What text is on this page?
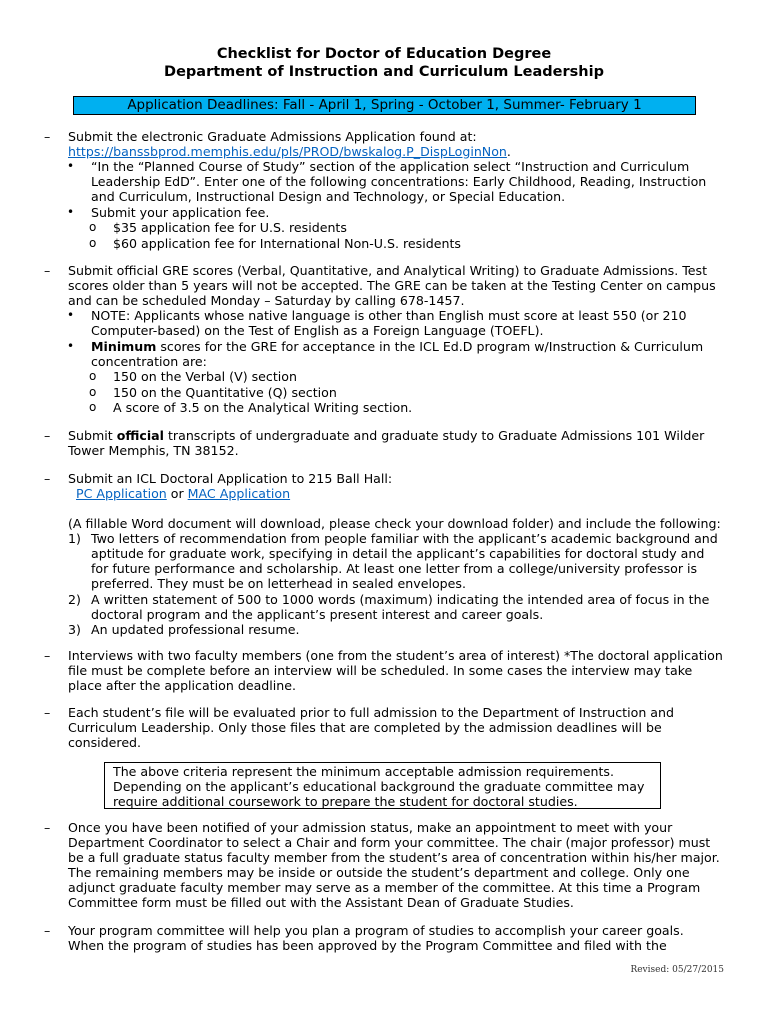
Checklist for Doctor of Education Degree
Department of Instruction and Curriculum Leadership
Application Deadlines: Fall - April 1, Spring - October 1, Summer- February 1
– Submit the electronic Graduate Admissions Application found at:
https://banssbprod.memphis.edu/pls/PROD/bwskalog.P_DispLoginNon.
• “In the “Planned Course of Study” section of the application select “Instruction and Curriculum
Leadership EdD”. Enter one of the following concentrations: Early Childhood, Reading, Instruction
and Curriculum, Instructional Design and Technology, or Special Education.
• Submit your application fee.
o $35 application fee for U.S. residents
o $60 application fee for International Non-U.S. residents
– Submit official GRE scores (Verbal, Quantitative, and Analytical Writing) to Graduate Admissions. Test
scores older than 5 years will not be accepted. The GRE can be taken at the Testing Center on campus
and can be scheduled Monday – Saturday by calling 678-1457.
• NOTE: Applicants whose native language is other than English must score at least 550 (or 210
Computer-based) on the Test of English as a Foreign Language (TOEFL).
• Minimum scores for the GRE for acceptance in the ICL Ed.D program w/Instruction & Curriculum
concentration are:
o 150 on the Verbal (V) section
o 150 on the Quantitative (Q) section
o A score of 3.5 on the Analytical Writing section.
– Submit official transcripts of undergraduate and graduate study to Graduate Admissions 101 Wilder
Tower Memphis, TN 38152.
– Submit an ICL Doctoral Application to 215 Ball Hall:
PC Application or MAC Application
(A fillable Word document will download, please check your download folder) and include the following:
1) Two letters of recommendation from people familiar with the applicant’s academic background and
aptitude for graduate work, specifying in detail the applicant’s capabilities for doctoral study and
for future performance and scholarship. At least one letter from a college/university professor is
preferred. They must be on letterhead in sealed envelopes.
2) A written statement of 500 to 1000 words (maximum) indicating the intended area of focus in the
doctoral program and the applicant’s present interest and career goals.
3) An updated professional resume.
– Interviews with two faculty members (one from the student’s area of interest) *The doctoral application
file must be complete before an interview will be scheduled. In some cases the interview may take
place after the application deadline.
– Each student’s file will be evaluated prior to full admission to the Department of Instruction and
Curriculum Leadership. Only those files that are completed by the admission deadlines will be
considered.
The above criteria represent the minimum acceptable admission requirements.
Depending on the applicant’s educational background the graduate committee may
require additional coursework to prepare the student for doctoral studies.
– Once you have been notified of your admission status, make an appointment to meet with your
Department Coordinator to select a Chair and form your committee. The chair (major professor) must
be a full graduate status faculty member from the student’s area of concentration within his/her major.
The remaining members may be inside or outside the student’s department and college. Only one
adjunct graduate faculty member may serve as a member of the committee. At this time a Program
Committee form must be filled out with the Assistant Dean of Graduate Studies.
– Your program committee will help you plan a program of studies to accomplish your career goals.
When the program of studies has been approved by the Program Committee and filed with the
Revised: 05/27/2015
